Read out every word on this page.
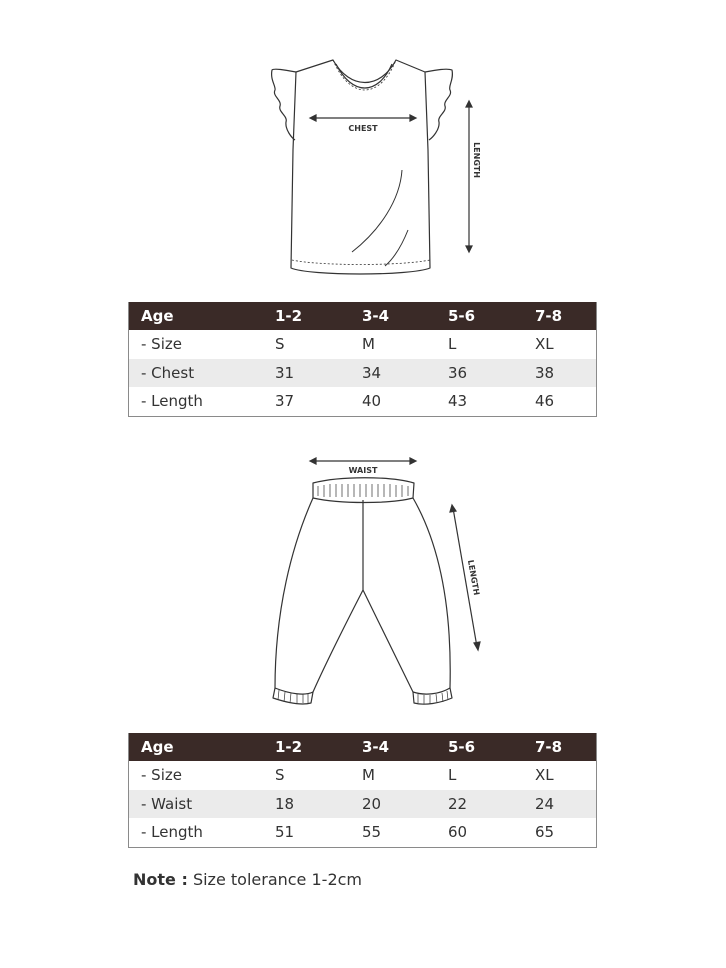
CHEST
LENGTH
Age	1-2	3-4	5-6	7-8
- Size	S	M	L	XL
- Chest	31	34	36	38
- Length	37	40	43	46
WAIST
LENGTH
Age	1-2	3-4	5-6	7-8
- Size	S	M	L	XL
- Waist	18	20	22	24
- Length	51	55	60	65
Note : Size tolerance 1-2cm
